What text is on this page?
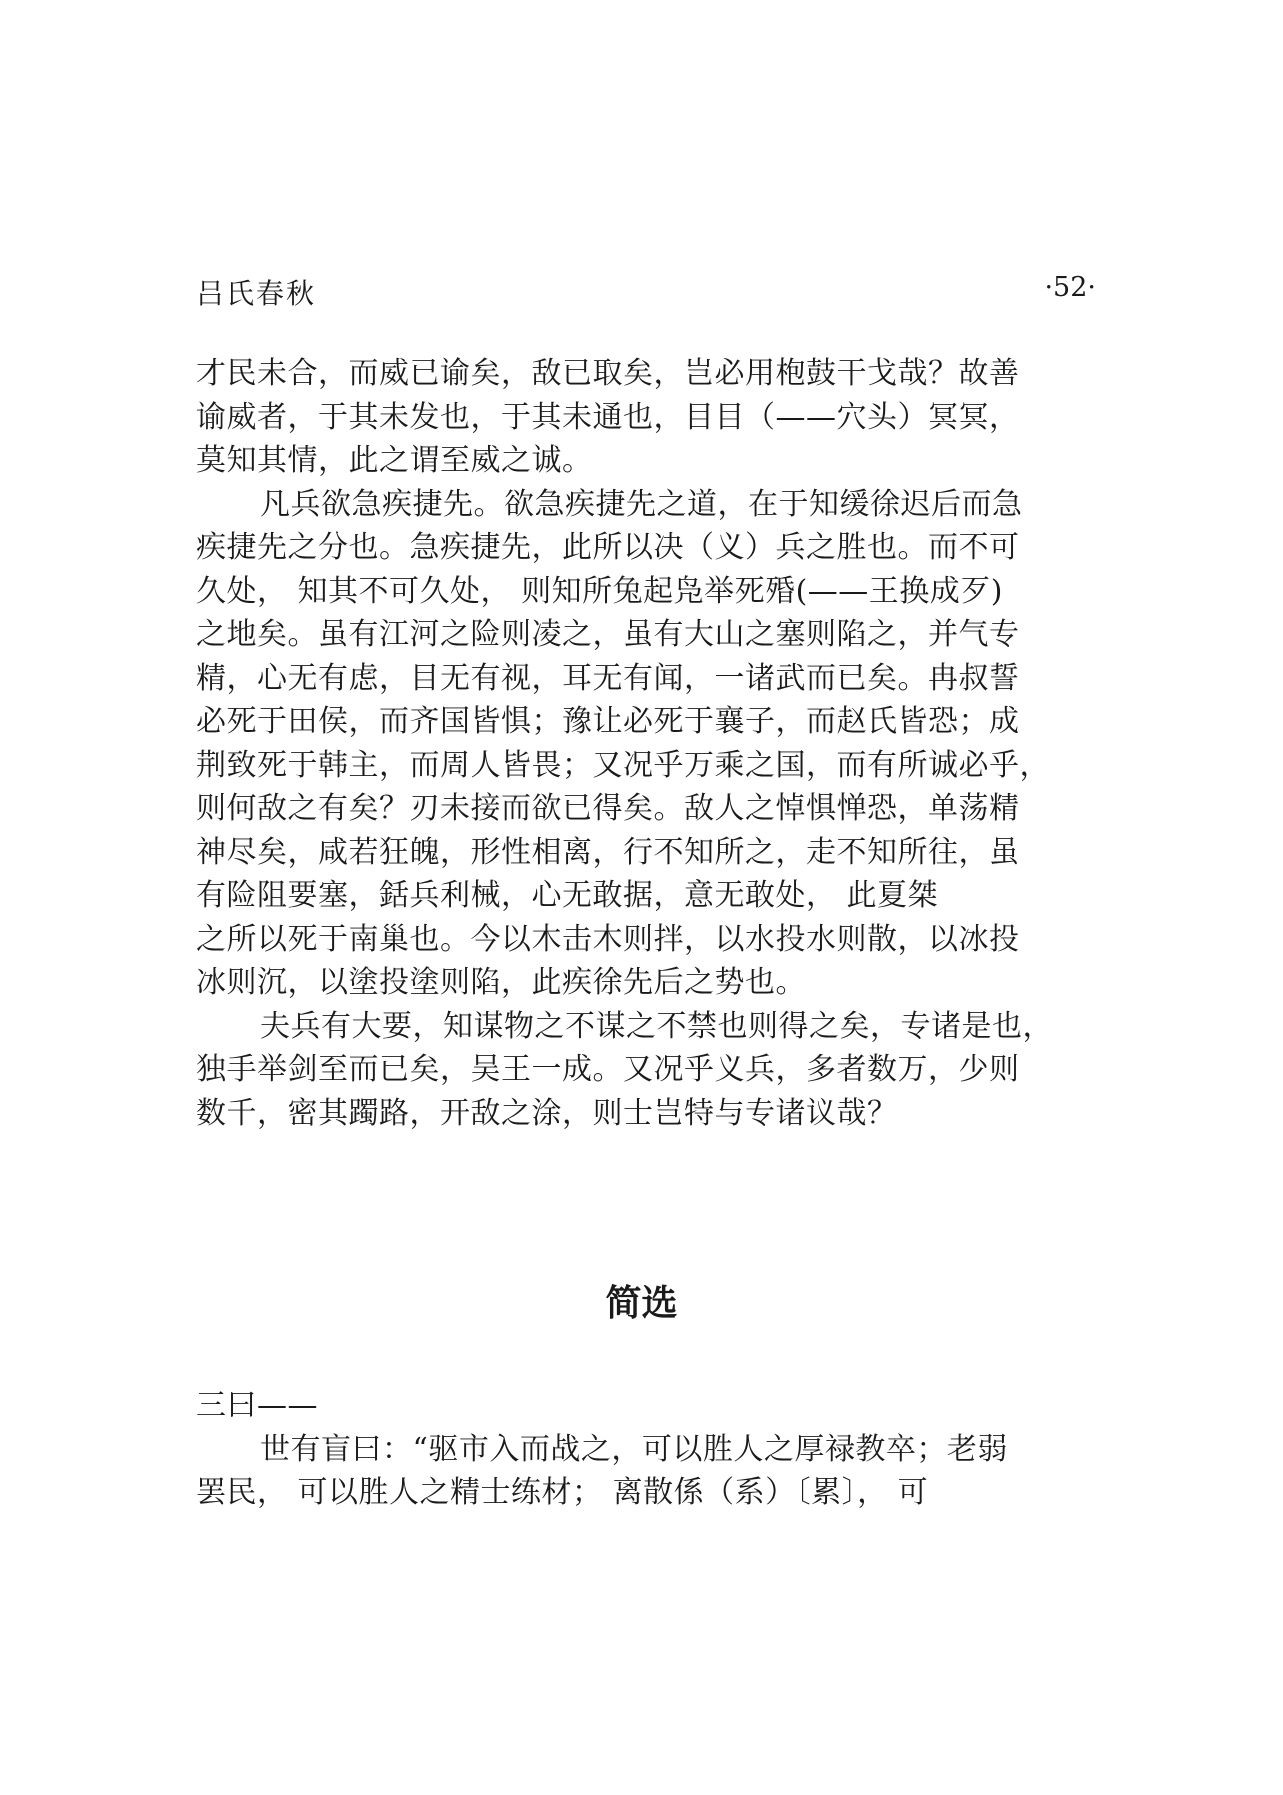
吕氏春秋	·52·
才民未合，而威已谕矣，敌已取矣，岂必用枹鼓干戈哉？故善
谕威者，于其未发也，于其未通也，目目（——穴头）冥冥，
莫知其情，此之谓至威之诚。
凡兵欲急疾捷先。欲急疾捷先之道，在于知缓徐迟后而急
疾捷先之分也。急疾捷先，此所以决（义）兵之胜也。而不可
久处， 知其不可久处， 则知所兔起凫举死殙(——王换成歹)
之地矣。虽有江河之险则凌之，虽有大山之塞则陷之，并气专
精，心无有虑，目无有视，耳无有闻，一诸武而已矣。冉叔誓
必死于田侯，而齐国皆惧；豫让必死于襄子，而赵氏皆恐；成
荆致死于韩主，而周人皆畏；又况乎万乘之国，而有所诚必乎，
则何敌之有矣？刃未接而欲已得矣。敌人之悼惧惮恐，单荡精
神尽矣，咸若狂魄，形性相离，行不知所之，走不知所往，虽
有险阻要塞，銛兵利械，心无敢据，意无敢处， 此夏桀
之所以死于南巢也。今以木击木则拌，以水投水则散，以冰投
冰则沉，以塗投塗则陷，此疾徐先后之势也。
夫兵有大要，知谋物之不谋之不禁也则得之矣，专诸是也，
独手举剑至而已矣，吴王一成。又况乎义兵，多者数万，少则
数千，密其躅路，开敌之涂，则士岂特与专诸议哉？
简选
三曰——
世有盲曰：“驱市入而战之，可以胜人之厚禄教卒；老弱
罢民， 可以胜人之精士练材； 离散係（系）〔累〕， 可
